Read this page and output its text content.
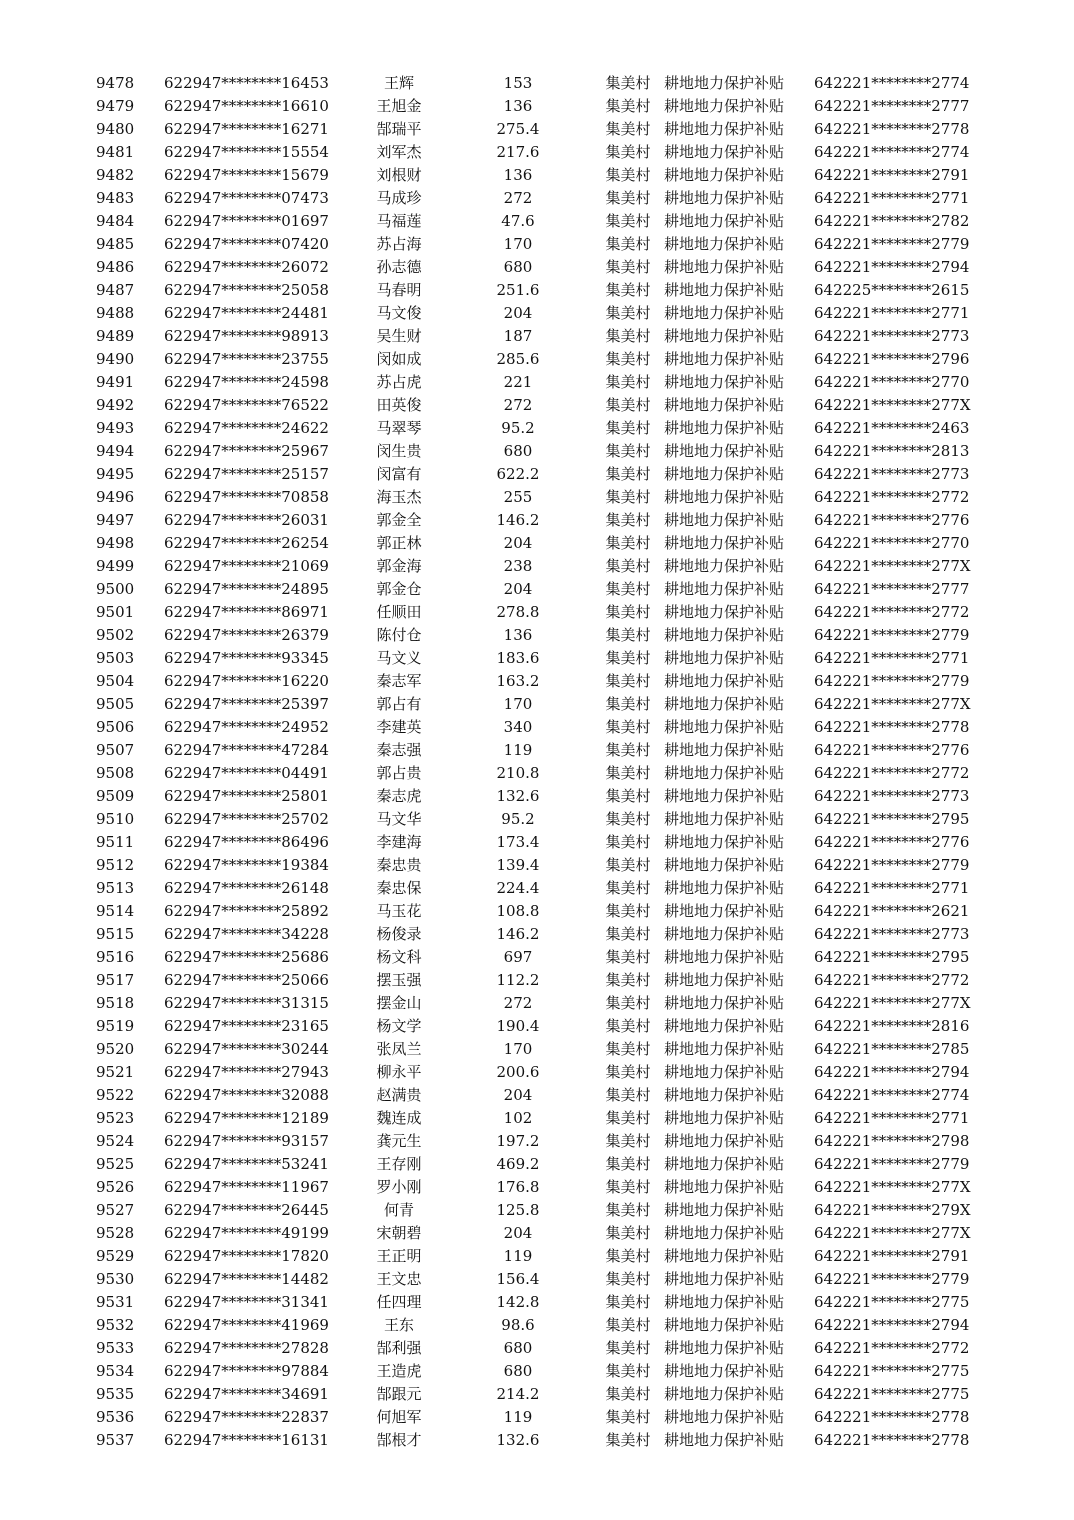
9478	622947********16453	王辉	153	集美村	耕地地力保护补贴	642221********2774
9479	622947********16610	王旭金	136	集美村	耕地地力保护补贴	642221********2777
9480	622947********16271	郜瑞平	275.4	集美村	耕地地力保护补贴	642221********2778
9481	622947********15554	刘军杰	217.6	集美村	耕地地力保护补贴	642221********2774
9482	622947********15679	刘根财	136	集美村	耕地地力保护补贴	642221********2791
9483	622947********07473	马成珍	272	集美村	耕地地力保护补贴	642221********2771
9484	622947********01697	马福莲	47.6	集美村	耕地地力保护补贴	642221********2782
9485	622947********07420	苏占海	170	集美村	耕地地力保护补贴	642221********2779
9486	622947********26072	孙志德	680	集美村	耕地地力保护补贴	642221********2794
9487	622947********25058	马春明	251.6	集美村	耕地地力保护补贴	642225********2615
9488	622947********24481	马文俊	204	集美村	耕地地力保护补贴	642221********2771
9489	622947********98913	吴生财	187	集美村	耕地地力保护补贴	642221********2773
9490	622947********23755	闵如成	285.6	集美村	耕地地力保护补贴	642221********2796
9491	622947********24598	苏占虎	221	集美村	耕地地力保护补贴	642221********2770
9492	622947********76522	田英俊	272	集美村	耕地地力保护补贴	642221********277X
9493	622947********24622	马翠琴	95.2	集美村	耕地地力保护补贴	642221********2463
9494	622947********25967	闵生贵	680	集美村	耕地地力保护补贴	642221********2813
9495	622947********25157	闵富有	622.2	集美村	耕地地力保护补贴	642221********2773
9496	622947********70858	海玉杰	255	集美村	耕地地力保护补贴	642221********2772
9497	622947********26031	郭金全	146.2	集美村	耕地地力保护补贴	642221********2776
9498	622947********26254	郭正林	204	集美村	耕地地力保护补贴	642221********2770
9499	622947********21069	郭金海	238	集美村	耕地地力保护补贴	642221********277X
9500	622947********24895	郭金仓	204	集美村	耕地地力保护补贴	642221********2777
9501	622947********86971	任顺田	278.8	集美村	耕地地力保护补贴	642221********2772
9502	622947********26379	陈付仓	136	集美村	耕地地力保护补贴	642221********2779
9503	622947********93345	马文义	183.6	集美村	耕地地力保护补贴	642221********2771
9504	622947********16220	秦志军	163.2	集美村	耕地地力保护补贴	642221********2779
9505	622947********25397	郭占有	170	集美村	耕地地力保护补贴	642221********277X
9506	622947********24952	李建英	340	集美村	耕地地力保护补贴	642221********2778
9507	622947********47284	秦志强	119	集美村	耕地地力保护补贴	642221********2776
9508	622947********04491	郭占贵	210.8	集美村	耕地地力保护补贴	642221********2772
9509	622947********25801	秦志虎	132.6	集美村	耕地地力保护补贴	642221********2773
9510	622947********25702	马文华	95.2	集美村	耕地地力保护补贴	642221********2795
9511	622947********86496	李建海	173.4	集美村	耕地地力保护补贴	642221********2776
9512	622947********19384	秦忠贵	139.4	集美村	耕地地力保护补贴	642221********2779
9513	622947********26148	秦忠保	224.4	集美村	耕地地力保护补贴	642221********2771
9514	622947********25892	马玉花	108.8	集美村	耕地地力保护补贴	642221********2621
9515	622947********34228	杨俊录	146.2	集美村	耕地地力保护补贴	642221********2773
9516	622947********25686	杨文科	697	集美村	耕地地力保护补贴	642221********2795
9517	622947********25066	摆玉强	112.2	集美村	耕地地力保护补贴	642221********2772
9518	622947********31315	摆金山	272	集美村	耕地地力保护补贴	642221********277X
9519	622947********23165	杨文学	190.4	集美村	耕地地力保护补贴	642221********2816
9520	622947********30244	张凤兰	170	集美村	耕地地力保护补贴	642221********2785
9521	622947********27943	柳永平	200.6	集美村	耕地地力保护补贴	642221********2794
9522	622947********32088	赵满贵	204	集美村	耕地地力保护补贴	642221********2774
9523	622947********12189	魏连成	102	集美村	耕地地力保护补贴	642221********2771
9524	622947********93157	龚元生	197.2	集美村	耕地地力保护补贴	642221********2798
9525	622947********53241	王存刚	469.2	集美村	耕地地力保护补贴	642221********2779
9526	622947********11967	罗小刚	176.8	集美村	耕地地力保护补贴	642221********277X
9527	622947********26445	何青	125.8	集美村	耕地地力保护补贴	642221********279X
9528	622947********49199	宋朝碧	204	集美村	耕地地力保护补贴	642221********277X
9529	622947********17820	王正明	119	集美村	耕地地力保护补贴	642221********2791
9530	622947********14482	王文忠	156.4	集美村	耕地地力保护补贴	642221********2779
9531	622947********31341	任四理	142.8	集美村	耕地地力保护补贴	642221********2775
9532	622947********41969	王东	98.6	集美村	耕地地力保护补贴	642221********2794
9533	622947********27828	郜利强	680	集美村	耕地地力保护补贴	642221********2772
9534	622947********97884	王造虎	680	集美村	耕地地力保护补贴	642221********2775
9535	622947********34691	郜跟元	214.2	集美村	耕地地力保护补贴	642221********2775
9536	622947********22837	何旭军	119	集美村	耕地地力保护补贴	642221********2778
9537	622947********16131	郜根才	132.6	集美村	耕地地力保护补贴	642221********2778
